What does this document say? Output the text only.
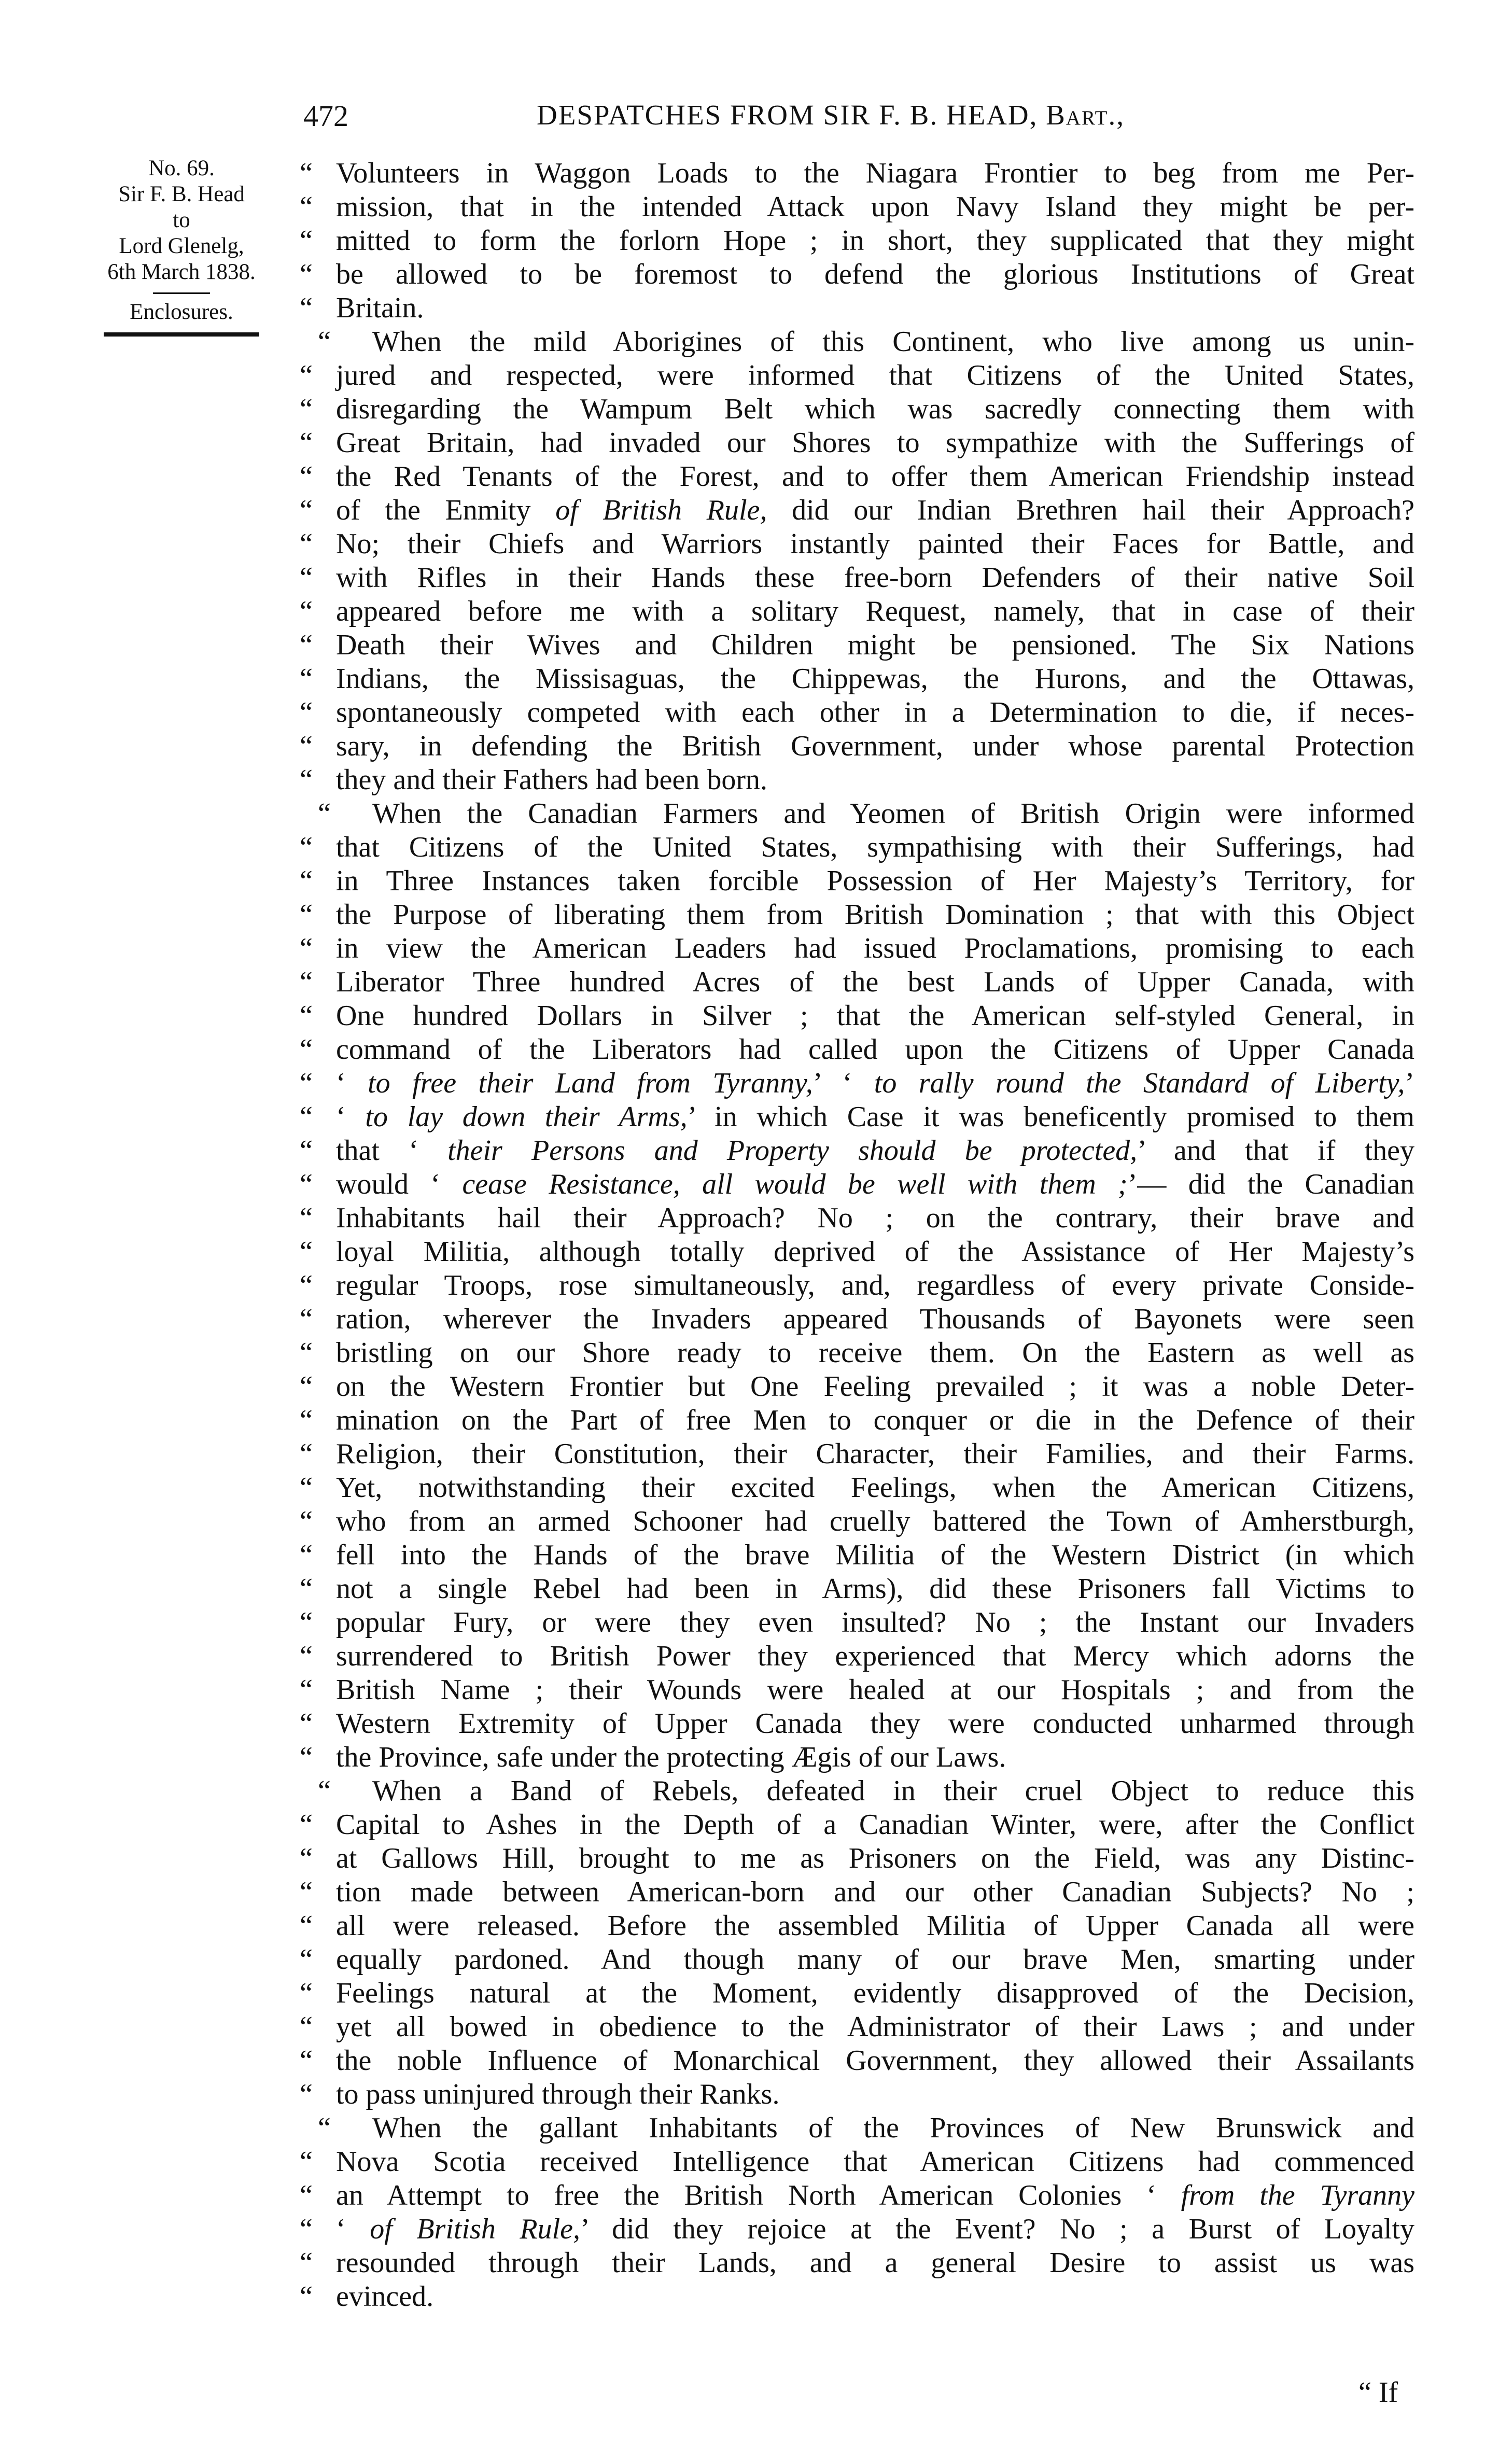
472	DESPATCHES FROM SIR F. B. HEAD, Bart.,
No. 69.
Sir F. B. Head
to
Lord Glenelg,
6th March 1838.
Enclosures.
“ Volunteers in Waggon Loads to the Niagara Frontier to beg from me Per-
“ mission, that in the intended Attack upon Navy Island they might be per-
“ mitted to form the forlorn Hope ; in short, they supplicated that they might
“ be allowed to be foremost to defend the glorious Institutions of Great
“ Britain.
“ When the mild Aborigines of this Continent, who live among us unin-
“ jured and respected, were informed that Citizens of the United States,
“ disregarding the Wampum Belt which was sacredly connecting them with
“ Great Britain, had invaded our Shores to sympathize with the Sufferings of
“ the Red Tenants of the Forest, and to offer them American Friendship instead
“ of the Enmity of British Rule, did our Indian Brethren hail their Approach?
“ No; their Chiefs and Warriors instantly painted their Faces for Battle, and
“ with Rifles in their Hands these free-born Defenders of their native Soil
“ appeared before me with a solitary Request, namely, that in case of their
“ Death their Wives and Children might be pensioned. The Six Nations
“ Indians, the Missisaguas, the Chippewas, the Hurons, and the Ottawas,
“ spontaneously competed with each other in a Determination to die, if neces-
“ sary, in defending the British Government, under whose parental Protection
“ they and their Fathers had been born.
“ When the Canadian Farmers and Yeomen of British Origin were informed
“ that Citizens of the United States, sympathising with their Sufferings, had
“ in Three Instances taken forcible Possession of Her Majesty’s Territory, for
“ the Purpose of liberating them from British Domination ; that with this Object
“ in view the American Leaders had issued Proclamations, promising to each
“ Liberator Three hundred Acres of the best Lands of Upper Canada, with
“ One hundred Dollars in Silver ; that the American self-styled General, in
“ command of the Liberators had called upon the Citizens of Upper Canada
“ ‘ to free their Land from Tyranny,’ ‘ to rally round the Standard of Liberty,’
“ ‘ to lay down their Arms,’ in which Case it was beneficently promised to them
“ that ‘ their Persons and Property should be protected,’ and that if they
“ would ‘ cease Resistance, all would be well with them ;’— did the Canadian
“ Inhabitants hail their Approach? No ; on the contrary, their brave and
“ loyal Militia, although totally deprived of the Assistance of Her Majesty’s
“ regular Troops, rose simultaneously, and, regardless of every private Conside-
“ ration, wherever the Invaders appeared Thousands of Bayonets were seen
“ bristling on our Shore ready to receive them. On the Eastern as well as
“ on the Western Frontier but One Feeling prevailed ; it was a noble Deter-
“ mination on the Part of free Men to conquer or die in the Defence of their
“ Religion, their Constitution, their Character, their Families, and their Farms.
“ Yet, notwithstanding their excited Feelings, when the American Citizens,
“ who from an armed Schooner had cruelly battered the Town of Amherstburgh,
“ fell into the Hands of the brave Militia of the Western District (in which
“ not a single Rebel had been in Arms), did these Prisoners fall Victims to
“ popular Fury, or were they even insulted? No ; the Instant our Invaders
“ surrendered to British Power they experienced that Mercy which adorns the
“ British Name ; their Wounds were healed at our Hospitals ; and from the
“ Western Extremity of Upper Canada they were conducted unharmed through
“ the Province, safe under the protecting Ægis of our Laws.
“ When a Band of Rebels, defeated in their cruel Object to reduce this
“ Capital to Ashes in the Depth of a Canadian Winter, were, after the Conflict
“ at Gallows Hill, brought to me as Prisoners on the Field, was any Distinc-
“ tion made between American-born and our other Canadian Subjects? No ;
“ all were released. Before the assembled Militia of Upper Canada all were
“ equally pardoned. And though many of our brave Men, smarting under
“ Feelings natural at the Moment, evidently disapproved of the Decision,
“ yet all bowed in obedience to the Administrator of their Laws ; and under
“ the noble Influence of Monarchical Government, they allowed their Assailants
“ to pass uninjured through their Ranks.
“ When the gallant Inhabitants of the Provinces of New Brunswick and
“ Nova Scotia received Intelligence that American Citizens had commenced
“ an Attempt to free the British North American Colonies ‘ from the Tyranny
“ ‘ of British Rule,’ did they rejoice at the Event? No ; a Burst of Loyalty
“ resounded through their Lands, and a general Desire to assist us was
“ evinced.
“ If
